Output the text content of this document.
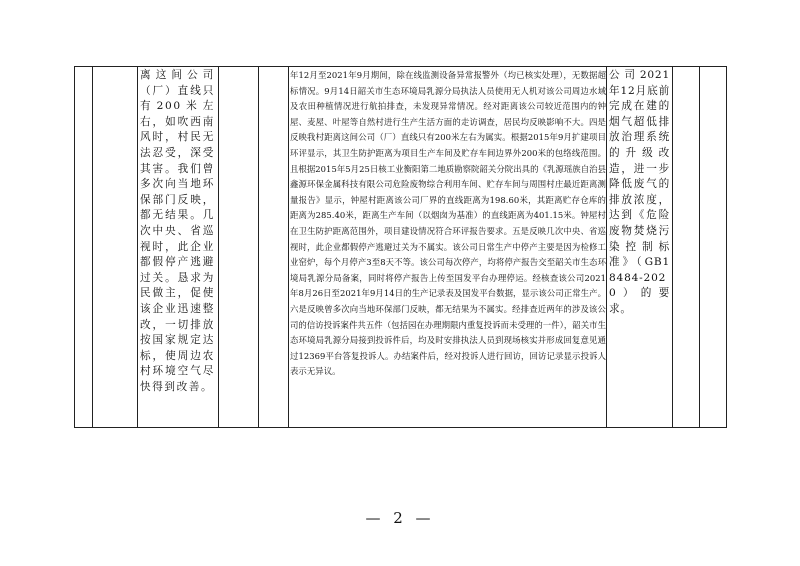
离这间公司（厂）直线只有200米左右，如吹西南风时，村民无法忍受，深受其害。我们曾多次向当地环保部门反映，都无结果。几次中央、省巡视时，此企业都假停产逃避过关。恳求为民做主，促使该企业迅速整改，一切排放按国家规定达标，使周边农村环境空气尽快得到改善。
年12月至2021年9月期间，除在线监测设备异常报警外（均已核实处理），无数据超标情况。9月14日韶关市生态环境局乳源分局执法人员使用无人机对该公司周边水域及农田种植情况进行航拍排查，未发现异常情况。经对距离该公司较近范围内的钟屋、麦屋、叶屋等自然村进行生产生活方面的走访调查，居民均反映影响不大。四是反映我村距离这间公司（厂）直线只有200米左右为属实。根据2015年9月扩建项目环评显示，其卫生防护距离为项目生产车间及贮存车间边界外200米的包络线范围。且根据2015年5月25日核工业衡阳第二地质勘察院韶关分院出具的《乳源瑶族自治县鑫源环保金属科技有限公司危险废物综合利用车间、贮存车间与周围村庄最近距离测量报告》显示，钟屋村距离该公司厂界的直线距离为198.60米，其距离贮存仓库的距离为285.40米，距离生产车间（以烟囱为基准）的直线距离为401.15米。钟屋村在卫生防护距离范围外，项目建设情况符合环评报告要求。五是反映几次中央、省巡视时，此企业都假停产逃避过关为不属实。该公司日常生产中停产主要是因为检修工业窑炉，每个月停产3至8天不等。该公司每次停产，均将停产报告交至韶关市生态环境局乳源分局备案，同时将停产报告上传至国发平台办理停运。经核查该公司2021年8月26日至2021年9月14日的生产记录表及国发平台数据，显示该公司正常生产。六是反映曾多次向当地环保部门反映，都无结果为不属实。经排查近两年的涉及该公司的信访投诉案件共五件（包括园在办理期限内重复投诉而未受理的一件），韶关市生态环境局乳源分局接到投诉件后，均及时安排执法人员到现场核实并形成回复意见通过12369平台答复投诉人。办结案件后，经对投诉人进行回访，回访记录显示投诉人表示无异议。
公司2021年12月底前完成在建的烟气超低排放治理系统的升级改造，进一步降低废气的排放浓度，达到《危险废物焚烧污染控制标准》（GB18484-2020）的要求。
— 2 —
